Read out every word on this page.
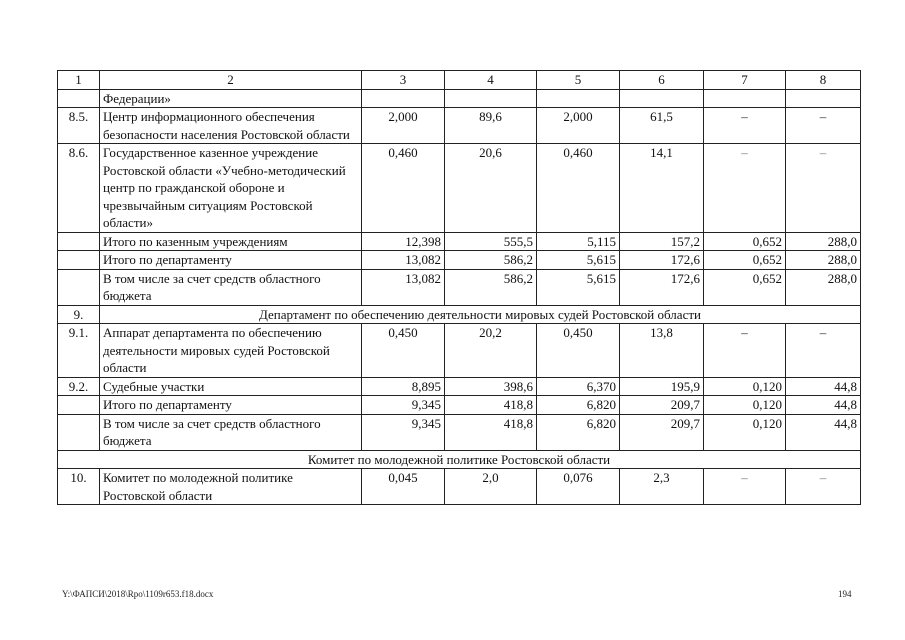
1	2	3	4	5	6	7	8
	Федерации»						
8.5.	Центр информационного обеспечения безопасности населения Ростовской области	2,000	89,6	2,000	61,5	–	–
8.6.	Государственное казенное учреждение Ростовской области «Учебно-методический центр по гражданской обороне и чрезвычайным ситуациям Ростовской области»	0,460	20,6	0,460	14,1	–	–
	Итого по казенным учреждениям	12,398	555,5	5,115	157,2	0,652	288,0
	Итого по департаменту	13,082	586,2	5,615	172,6	0,652	288,0
	В том числе за счет средств областного бюджета	13,082	586,2	5,615	172,6	0,652	288,0
9.	Департамент по обеспечению деятельности мировых судей Ростовской области						
9.1.	Аппарат департамента по обеспечению деятельности мировых судей Ростовской области	0,450	20,2	0,450	13,8	–	–
9.2.	Судебные участки	8,895	398,6	6,370	195,9	0,120	44,8
	Итого по департаменту	9,345	418,8	6,820	209,7	0,120	44,8
	В том числе за счет средств областного бюджета	9,345	418,8	6,820	209,7	0,120	44,8
Комитет по молодежной политике Ростовской области							
10.	Комитет по молодежной политике Ростовской области	0,045	2,0	0,076	2,3	–	–
Y:\ФАПСИ\2018\Rpo\1109r653.f18.docx	194
